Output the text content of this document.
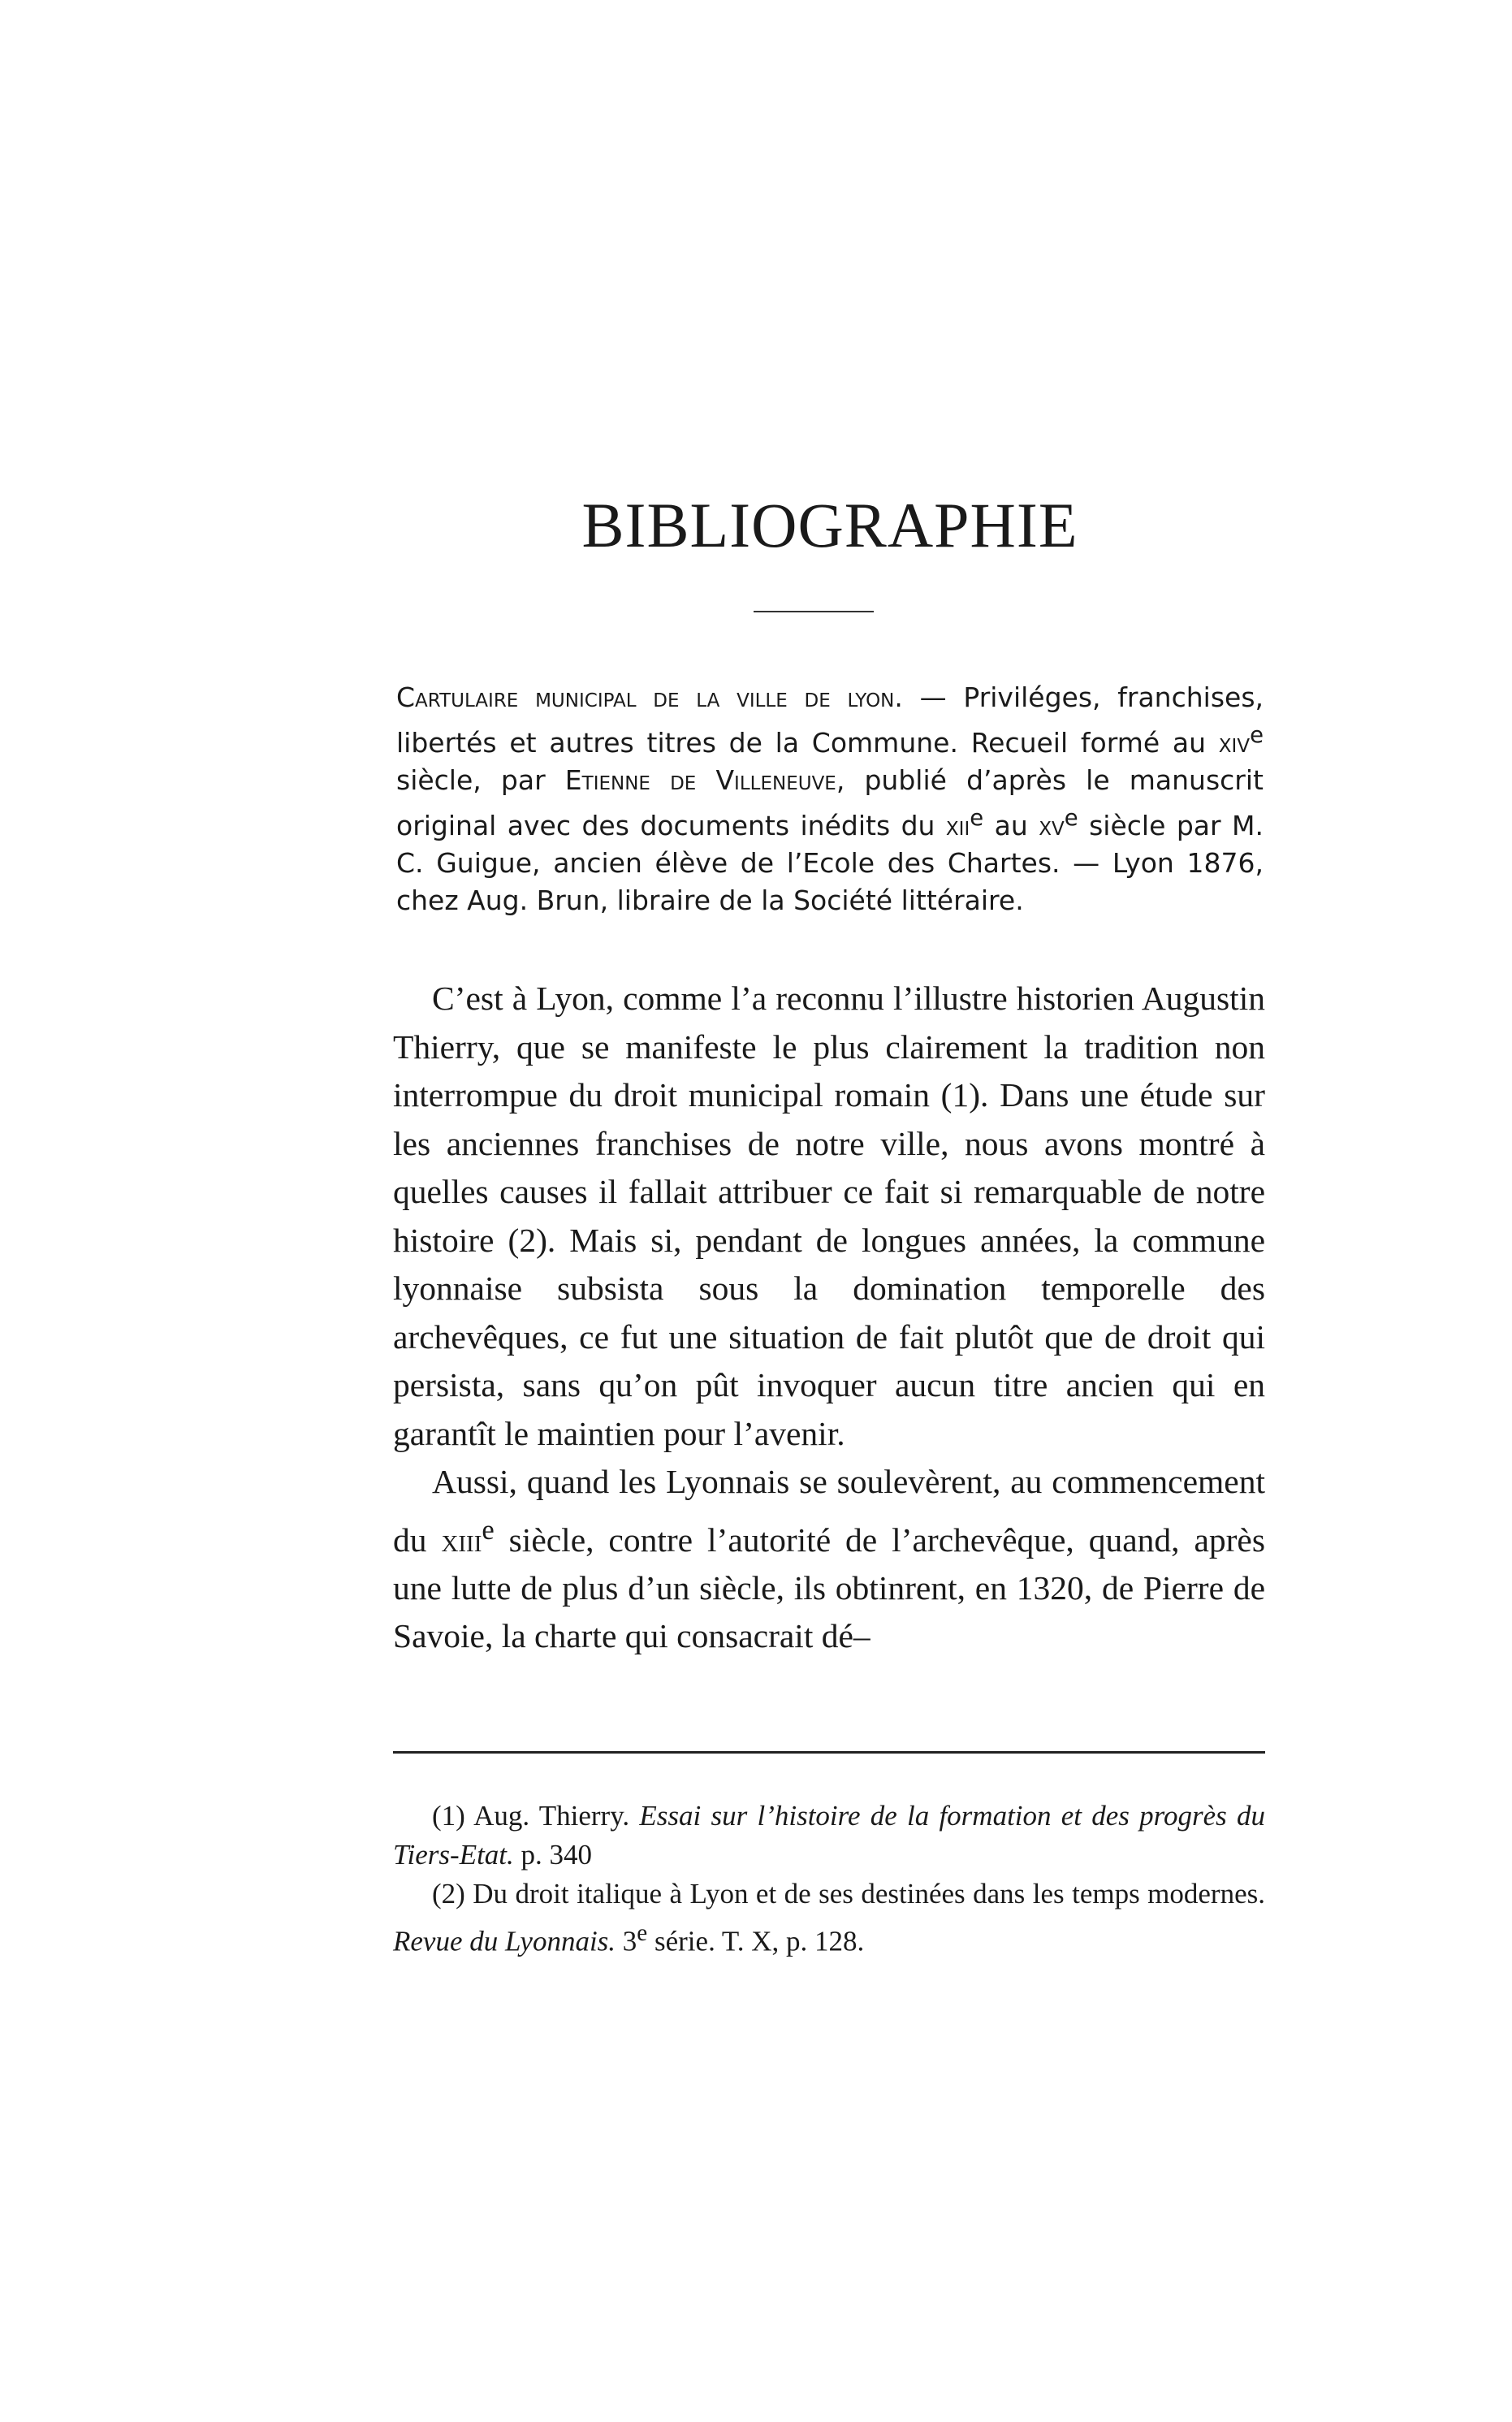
BIBLIOGRAPHIE

Cartulaire municipal de la ville de lyon. — Priviléges, franchises, libertés et autres titres de la Commune. Recueil formé au xiv$^e$ siècle, par Etienne de Villeneuve, publié d’après le manuscrit original avec des documents inédits du xii$^e$ au $xv^e$ siècle par M. C. Guigue, ancien élève de l’Ecole des Chartes. — Lyon 1876, chez Aug. Brun, libraire de la Société littéraire.

C’est à Lyon, comme l’a reconnu l’illustre historien Augustin Thierry, que se manifeste le plus clairement la tradition non interrompue du droit municipal romain (1). Dans une étude sur les anciennes franchises de notre ville, nous avons montré à quelles causes il fallait attribuer ce fait si remarquable de notre histoire (2). Mais si, pendant de longues années, la commune lyonnaise subsista sous la domination temporelle des archevêques, ce fut une situation de fait plutôt que de droit qui persista, sans qu’on pût invoquer aucun titre ancien qui en garantît le maintien pour l’avenir.

Aussi, quand les Lyonnais se soulevèrent, au commencement du xiii$^e$ siècle, contre l’autorité de l’archevêque, quand, après une lutte de plus d’un siècle, ils obtinrent, en 1320, de Pierre de Savoie, la charte qui consacrait dé–

(1) Aug. Thierry. Essai sur l’histoire de la formation et des progrès du Tiers-Etat. p. 340

(2) Du droit italique à Lyon et de ses destinées dans les temps modernes. Revue du Lyonnais. 3e série. T. X, p. 128.
